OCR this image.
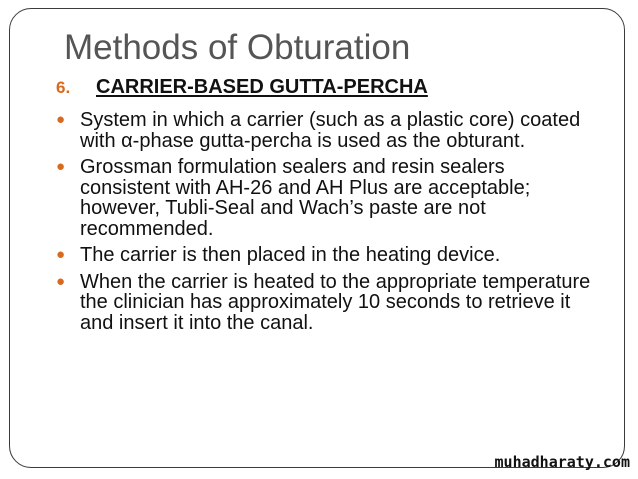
Methods of Obturation
6.	CARRIER-BASED GUTTA-PERCHA
● System in which a carrier (such as a plastic core) coated with α-phase gutta-percha is used as the obturant.
● Grossman formulation sealers and resin sealers consistent with AH-26 and AH Plus are acceptable; however, Tubli-Seal and Wach’s paste are not recommended.
● The carrier is then placed in the heating device.
● When the carrier is heated to the appropriate temperature the clinician has approximately 10 seconds to retrieve it and insert it into the canal.
muhadharaty.com
